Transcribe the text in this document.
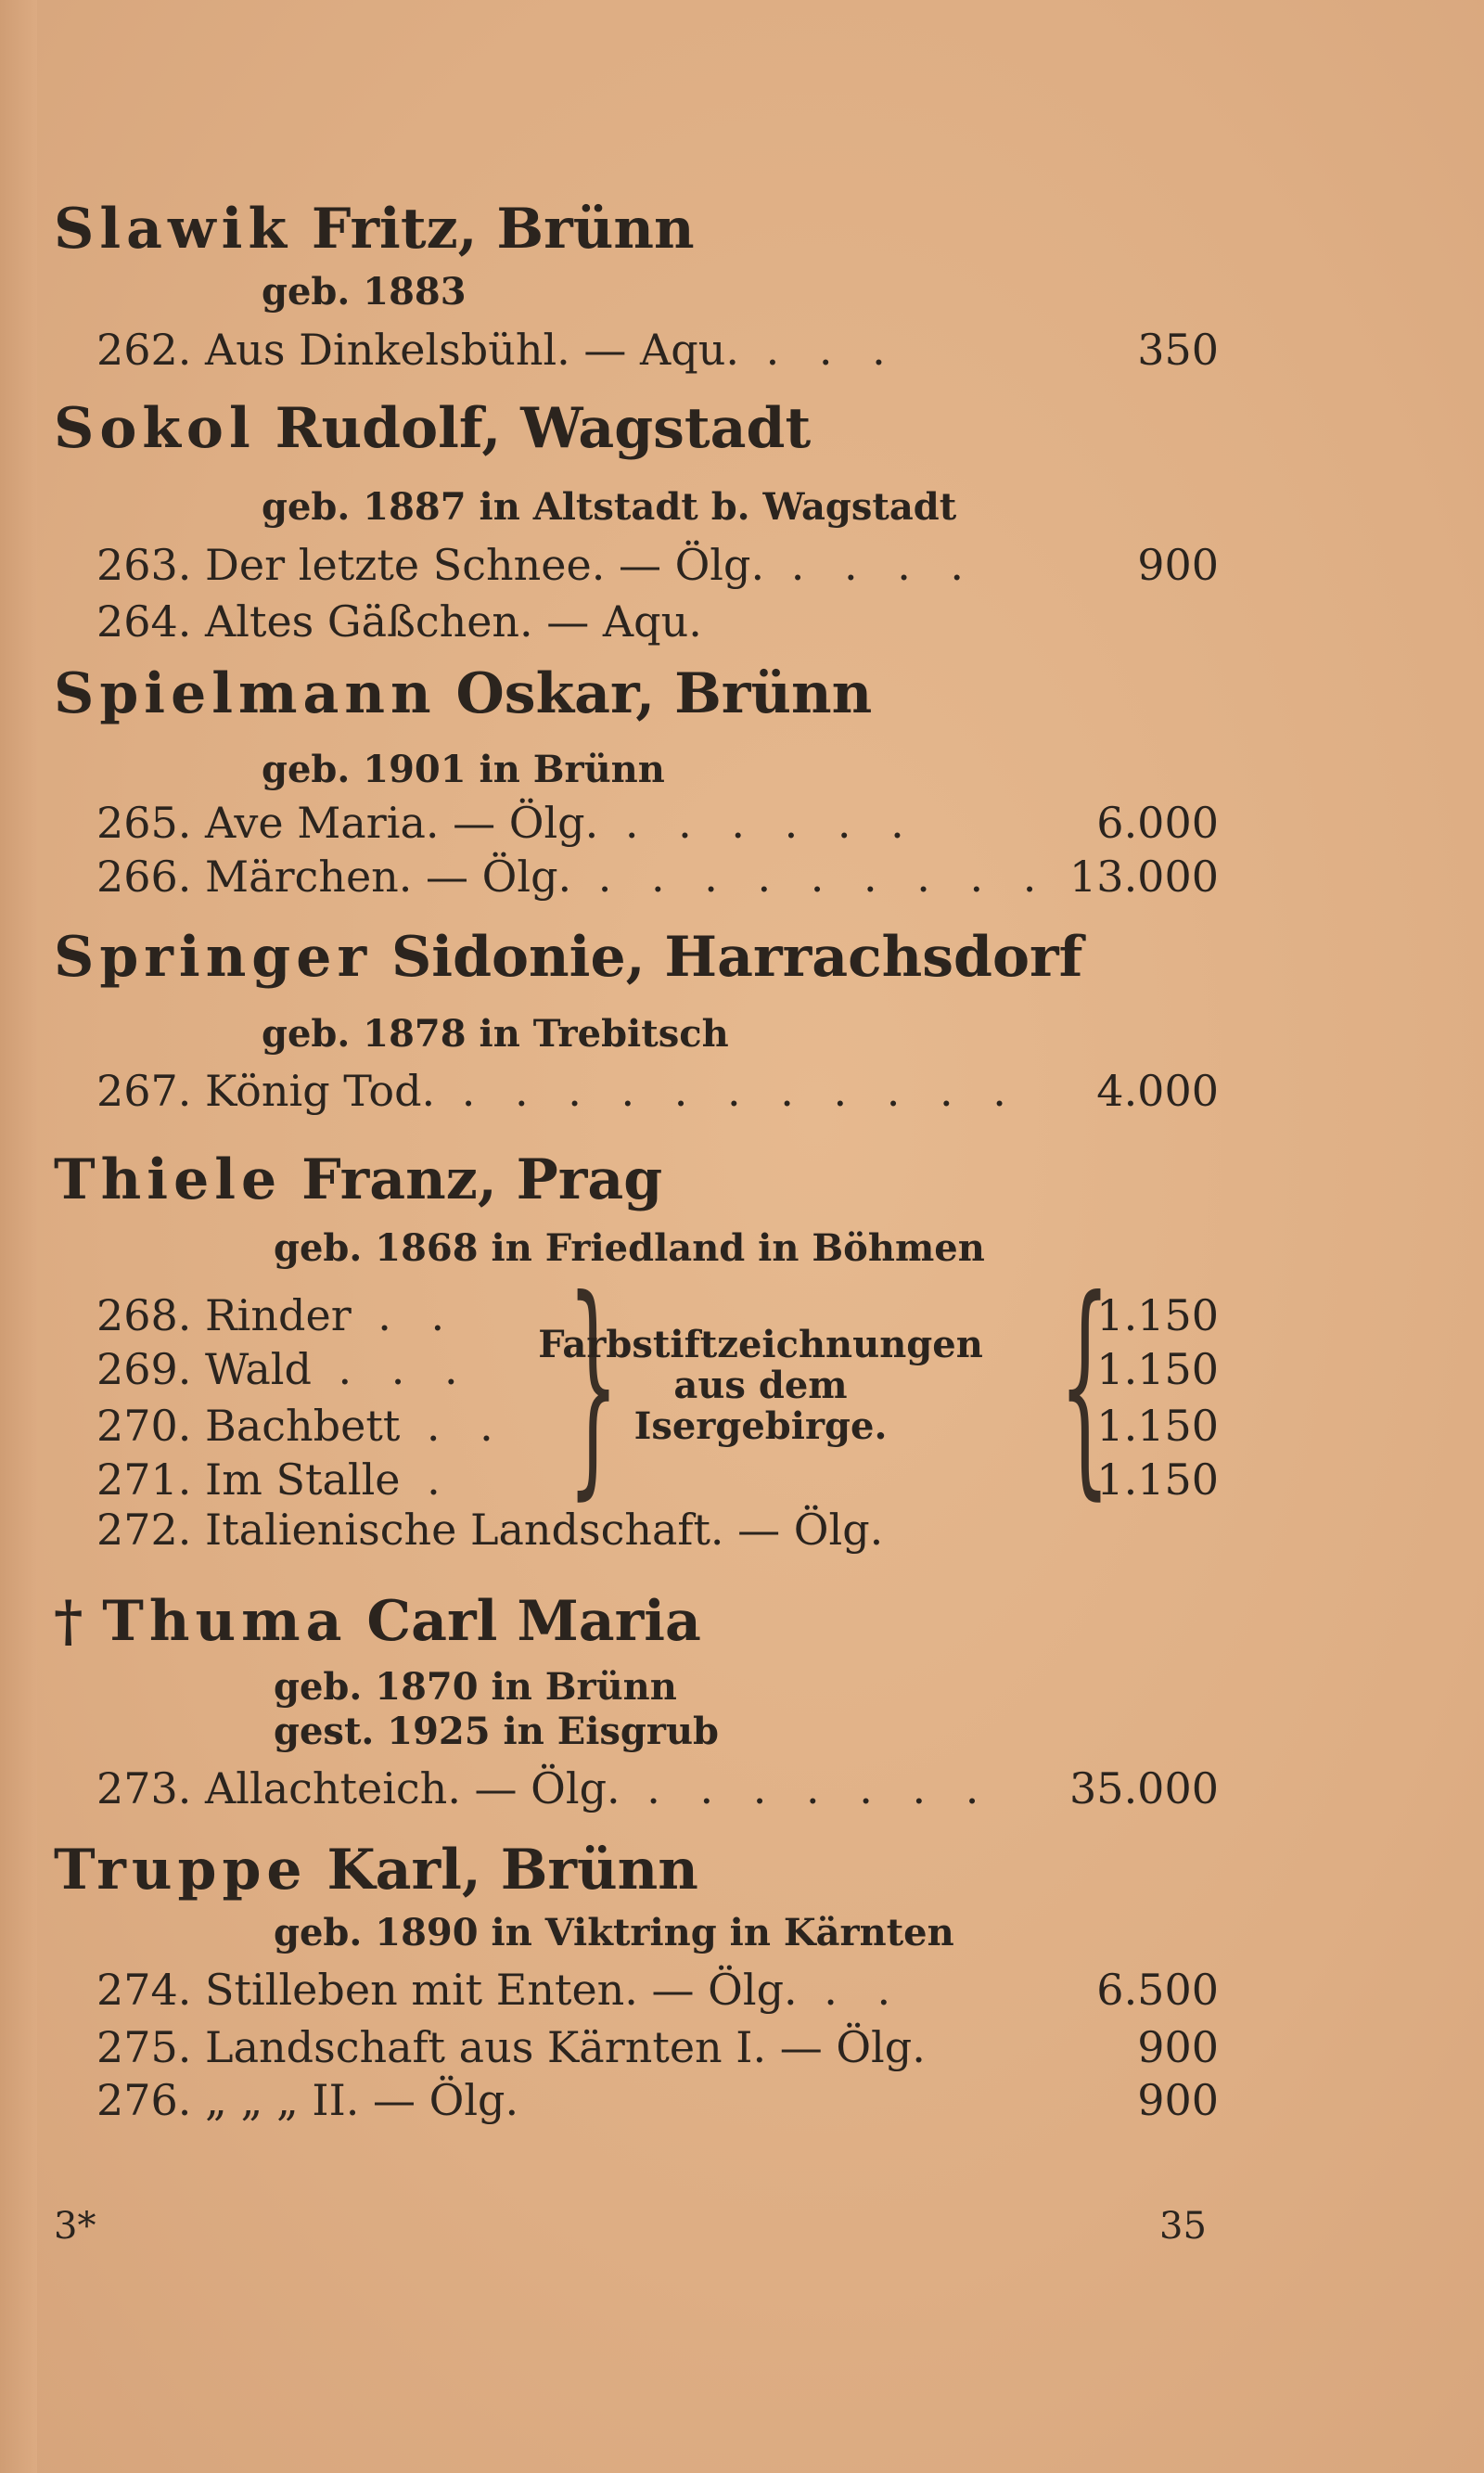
Slawik Fritz, Brünn
geb. 1883
262. Aus Dinkelsbühl. — Aqu. . . .	350
Sokol Rudolf, Wagstadt
geb. 1887 in Altstadt b. Wagstadt
263. Der letzte Schnee. — Ölg. . . . .	900
264. Altes Gäßchen. — Aqu.
Spielmann Oskar, Brünn
geb. 1901 in Brünn
265. Ave Maria. — Ölg. . . . . . .	6.000
266. Märchen. — Ölg. . . . . . . . . . 13.000
Springer Sidonie, Harrachsdorf
geb. 1878 in Trebitsch
267. König Tod. . . . . . . . . . . . 4.000
Thiele Franz, Prag
geb. 1868 in Friedland in Böhmen
268. Rinder . .	1.150
269. Wald . . .	1.150
270. Bachbett . .	1.150
271. Im Stalle .	1.150
272. Italienische Landschaft. — Ölg.
} {
Farbstiftzeichnungen
aus dem
Isergebirge.
† Thuma Carl Maria
geb. 1870 in Brünn
gest. 1925 in Eisgrub
273. Allachteich. — Ölg. . . . . . . . 35.000
Truppe Karl, Brünn
geb. 1890 in Viktring in Kärnten
274. Stilleben mit Enten. — Ölg. . .	6.500
275. Landschaft aus Kärnten I. — Ölg.	900
276. „ „ „ II. — Ölg.	900
3*	35
